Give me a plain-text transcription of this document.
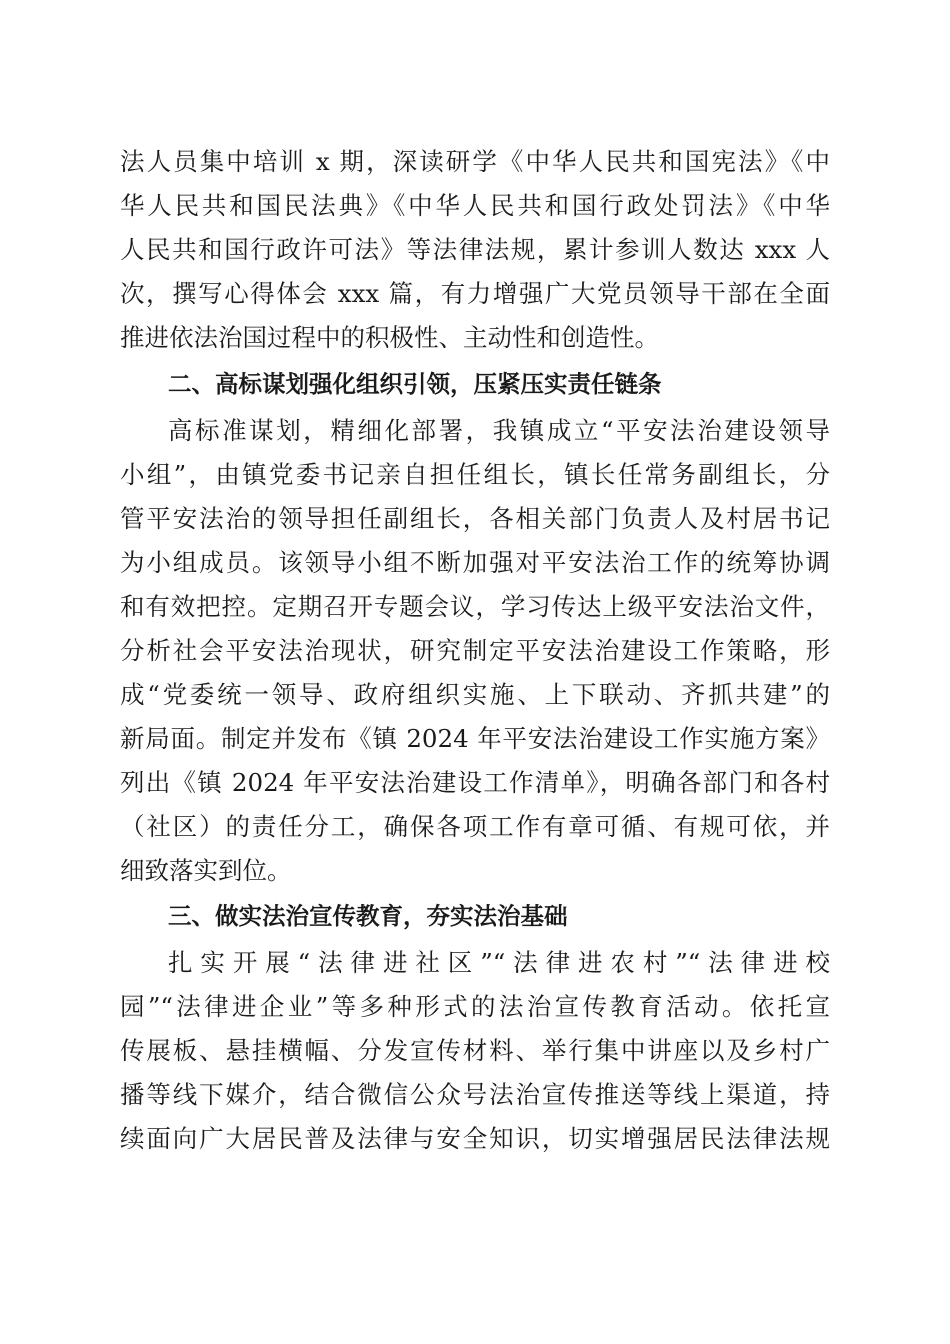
法人员集中培训 x 期，深读研学《中华人民共和国宪法》《中
华人民共和国民法典》《中华人民共和国行政处罚法》《中华
人民共和国行政许可法》等法律法规，累计参训人数达 xxx 人
次，撰写心得体会 xxx 篇，有力增强广大党员领导干部在全面
推进依法治国过程中的积极性、主动性和创造性。
二、高标谋划强化组织引领，压紧压实责任链条
高标准谋划，精细化部署，我镇成立“平安法治建设领导
小组”，由镇党委书记亲自担任组长，镇长任常务副组长，分
管平安法治的领导担任副组长，各相关部门负责人及村居书记
为小组成员。该领导小组不断加强对平安法治工作的统筹协调
和有效把控。定期召开专题会议，学习传达上级平安法治文件，
分析社会平安法治现状，研究制定平安法治建设工作策略，形
成“党委统一领导、政府组织实施、上下联动、齐抓共建”的
新局面。制定并发布《镇 2024 年平安法治建设工作实施方案》
列出《镇 2024 年平安法治建设工作清单》，明确各部门和各村
（社区）的责任分工，确保各项工作有章可循、有规可依，并
细致落实到位。
三、做实法治宣传教育，夯实法治基础
扎实开展“法律进社区”“法律进农村”“法律进校
园”“法律进企业”等多种形式的法治宣传教育活动。依托宣
传展板、悬挂横幅、分发宣传材料、举行集中讲座以及乡村广
播等线下媒介，结合微信公众号法治宣传推送等线上渠道，持
续面向广大居民普及法律与安全知识，切实增强居民法律法规
